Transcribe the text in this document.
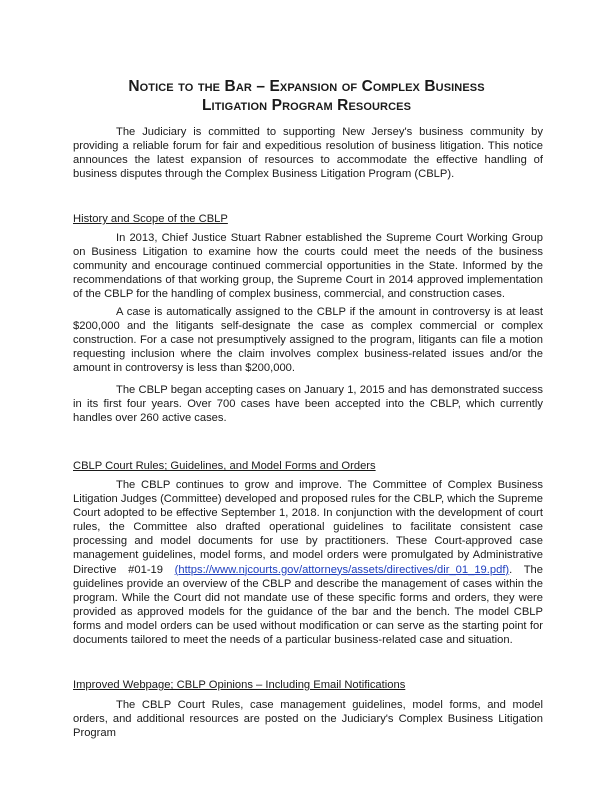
Notice to the Bar – Expansion of Complex Business
Litigation Program Resources

The Judiciary is committed to supporting New Jersey's business community by providing a reliable forum for fair and expeditious resolution of business litigation. This notice announces the latest expansion of resources to accommodate the effective handling of business disputes through the Complex Business Litigation Program (CBLP).

History and Scope of the CBLP

In 2013, Chief Justice Stuart Rabner established the Supreme Court Working Group on Business Litigation to examine how the courts could meet the needs of the business community and encourage continued commercial opportunities in the State. Informed by the recommendations of that working group, the Supreme Court in 2014 approved implementation of the CBLP for the handling of complex business, commercial, and construction cases.

A case is automatically assigned to the CBLP if the amount in controversy is at least $200,000 and the litigants self-designate the case as complex commercial or complex construction. For a case not presumptively assigned to the program, litigants can file a motion requesting inclusion where the claim involves complex business-related issues and/or the amount in controversy is less than $200,000.

The CBLP began accepting cases on January 1, 2015 and has demonstrated success in its first four years. Over 700 cases have been accepted into the CBLP, which currently handles over 260 active cases.

CBLP Court Rules; Guidelines, and Model Forms and Orders

The CBLP continues to grow and improve. The Committee of Complex Business Litigation Judges (Committee) developed and proposed rules for the CBLP, which the Supreme Court adopted to be effective September 1, 2018. In conjunction with the development of court rules, the Committee also drafted operational guidelines to facilitate consistent case processing and model documents for use by practitioners. These Court-approved case management guidelines, model forms, and model orders were promulgated by Administrative Directive #01-19 (https://www.njcourts.gov/attorneys/assets/directives/dir_01_19.pdf). The guidelines provide an overview of the CBLP and describe the management of cases within the program. While the Court did not mandate use of these specific forms and orders, they were provided as approved models for the guidance of the bar and the bench. The model CBLP forms and model orders can be used without modification or can serve as the starting point for documents tailored to meet the needs of a particular business-related case and situation.

Improved Webpage; CBLP Opinions – Including Email Notifications

The CBLP Court Rules, case management guidelines, model forms, and model orders, and additional resources are posted on the Judiciary's Complex Business Litigation Program
